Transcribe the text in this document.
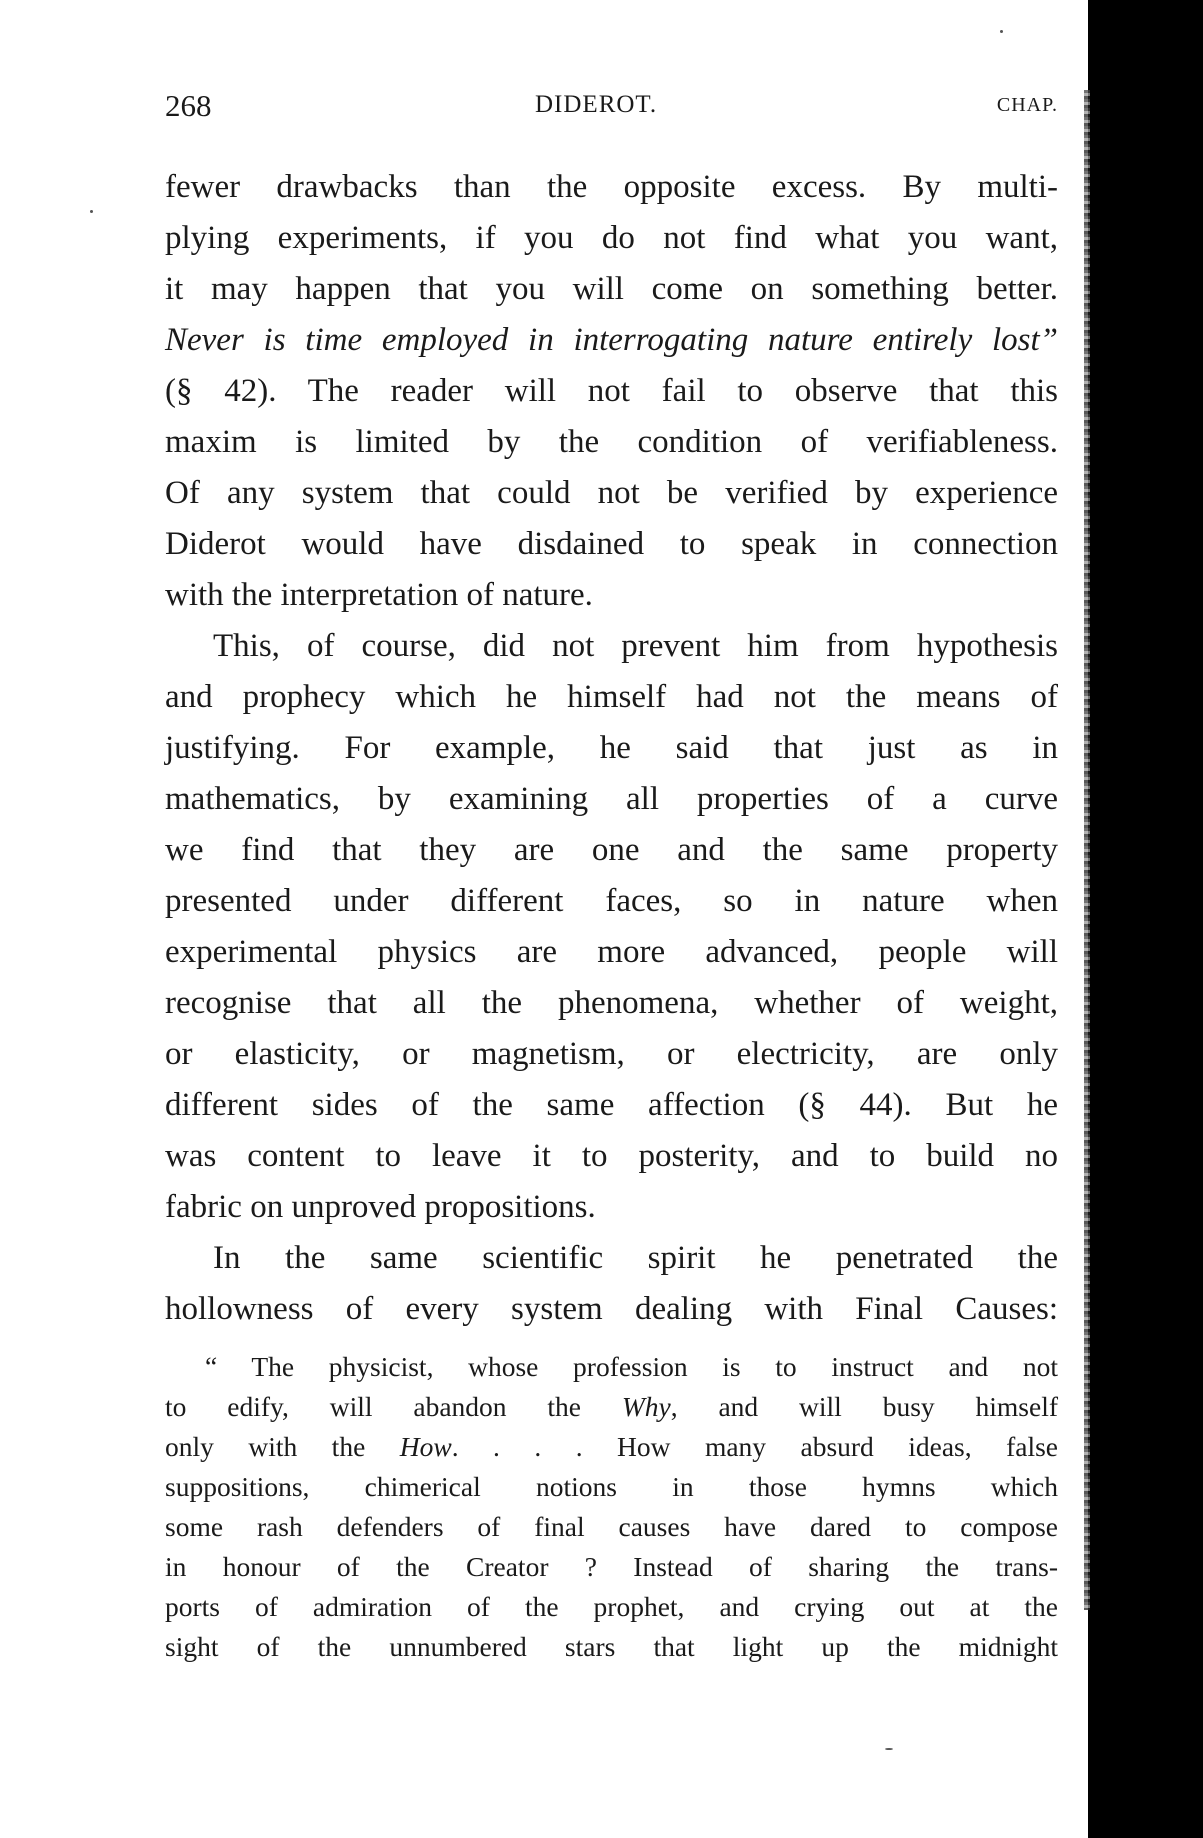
268	DIDEROT.	CHAP.
fewer drawbacks than the opposite excess. By multi-
plying experiments, if you do not find what you want,
it may happen that you will come on something better.
Never is time employed in interrogating nature entirely lost”
(§ 42). The reader will not fail to observe that this
maxim is limited by the condition of verifiableness.
Of any system that could not be verified by experience
Diderot would have disdained to speak in connection
with the interpretation of nature.
This, of course, did not prevent him from hypothesis
and prophecy which he himself had not the means of
justifying. For example, he said that just as in
mathematics, by examining all properties of a curve
we find that they are one and the same property
presented under different faces, so in nature when
experimental physics are more advanced, people will
recognise that all the phenomena, whether of weight,
or elasticity, or magnetism, or electricity, are only
different sides of the same affection (§ 44). But he
was content to leave it to posterity, and to build no
fabric on unproved propositions.
In the same scientific spirit he penetrated the
hollowness of every system dealing with Final Causes:
“ The physicist, whose profession is to instruct and not
to edify, will abandon the Why, and will busy himself
only with the How. . . . How many absurd ideas, false
suppositions, chimerical notions in those hymns which
some rash defenders of final causes have dared to compose
in honour of the Creator ? Instead of sharing the trans-
ports of admiration of the prophet, and crying out at the
sight of the unnumbered stars that light up the midnight
